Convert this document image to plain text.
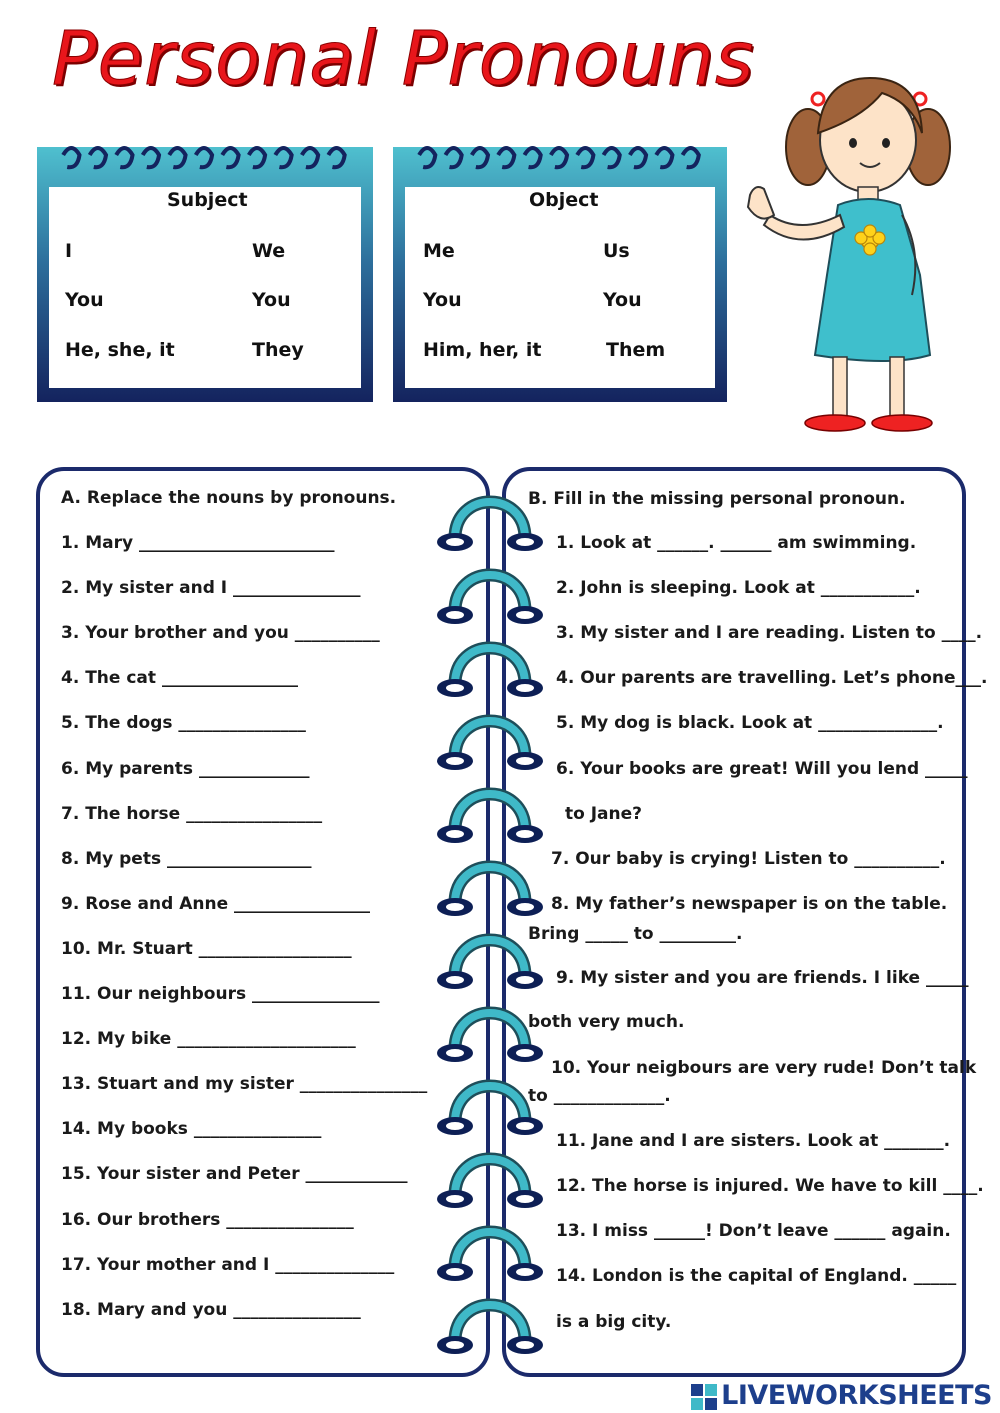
Personal Pronouns
Subject
I	We
You	You
He, she, it	They
Object
Me	Us
You	You
Him, her, it	Them
A. Replace the nouns by pronouns.
1. Mary _______________________
2. My sister and I _______________
3. Your brother and you __________
4. The cat ________________
5. The dogs _______________
6. My parents _____________
7. The horse ________________
8. My pets _________________
9. Rose and Anne ________________
10. Mr. Stuart __________________
11. Our neighbours _______________
12. My bike _____________________
13. Stuart and my sister _______________
14. My books _______________
15. Your sister and Peter ____________
16. Our brothers _______________
17. Your mother and I ______________
18. Mary and you _______________
B. Fill in the missing personal pronoun.
1. Look at ______. ______ am swimming.
2. John is sleeping. Look at ___________.
3. My sister and I are reading. Listen to ____.
4. Our parents are travelling. Let’s phone___.
5. My dog is black. Look at ______________.
6. Your books are great! Will you lend _____
to Jane?
7. Our baby is crying! Listen to __________.
8. My father’s newspaper is on the table.
Bring _____ to _________.
9. My sister and you are friends. I like _____
both very much.
10. Your neigbours are very rude! Don’t talk
to _____________.
11. Jane and I are sisters. Look at _______.
12. The horse is injured. We have to kill ____.
13. I miss ______! Don’t leave ______ again.
14. London is the capital of England. _____
is a big city.
LIVEWORKSHEETS
